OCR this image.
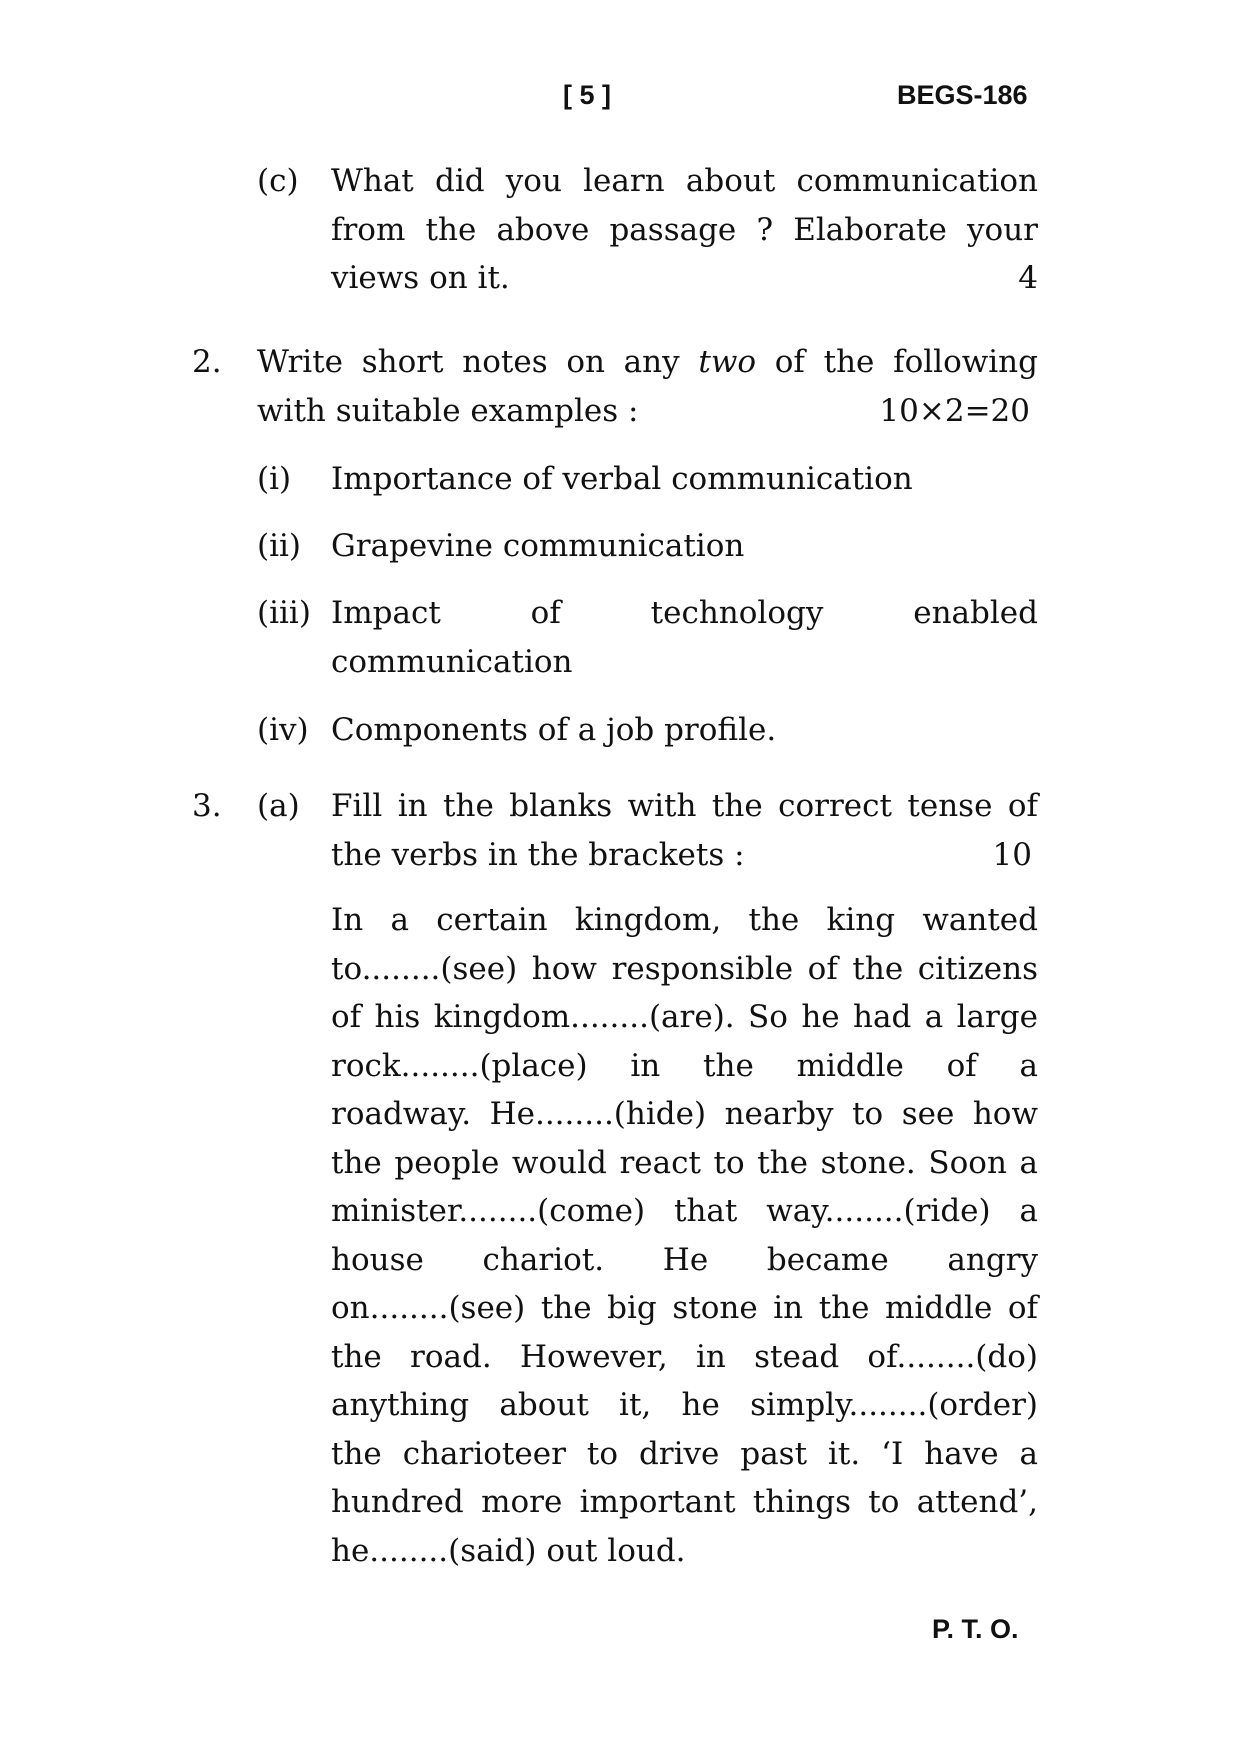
[ 5 ]	BEGS-186
(c) What did you learn about communication
from the above passage ? Elaborate your
views on it.	4
2. Write short notes on any two of the following
with suitable examples :	10×2=20
(i) Importance of verbal communication
(ii) Grapevine communication
(iii) Impact of technology enabled
communication
(iv) Components of a job profile.
3. (a) Fill in the blanks with the correct tense of
the verbs in the brackets :	10
In a certain kingdom, the king wanted
to........(see) how responsible of the citizens
of his kingdom........(are). So he had a large
rock........(place) in the middle of a
roadway. He........(hide) nearby to see how
the people would react to the stone. Soon a
minister........(come) that way........(ride) a
house chariot. He became angry
on........(see) the big stone in the middle of
the road. However, in stead of........(do)
anything about it, he simply........(order)
the charioteer to drive past it. ‘I have a
hundred more important things to attend’,
he........(said) out loud.
P. T. O.
